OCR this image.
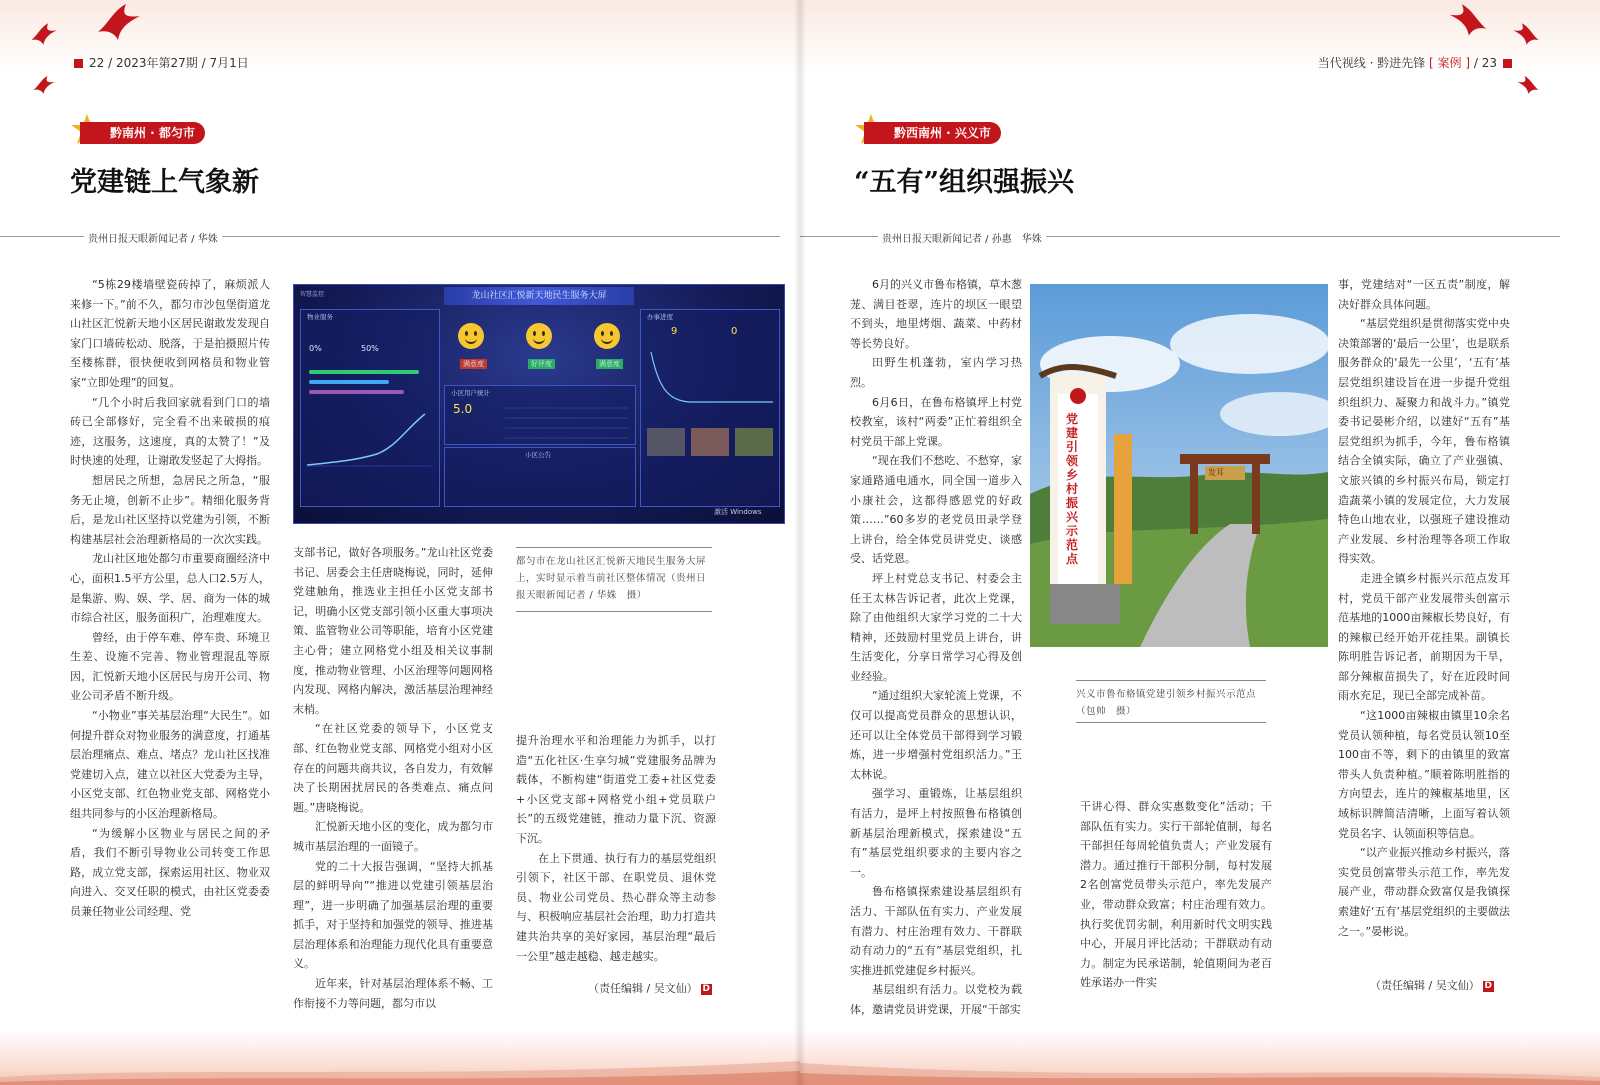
22 / 2023年第27期 / 7月1日
黔南州 · 都匀市
党建链上气象新
贵州日报天眼新闻记者 / 华姝

“5栋29楼墙壁瓷砖掉了，麻烦派人来修一下。”前不久，都匀市沙包堡街道龙山社区汇悦新天地小区居民谢敢发发现自家门口墙砖松动、脱落，于是拍摄照片传至楼栋群，很快便收到网格员和物业管家“立即处理”的回复。

“几个小时后我回家就看到门口的墙砖已全部修好，完全看不出来破损的痕迹，这服务，这速度，真的太赞了！”及时快速的处理，让谢敢发竖起了大拇指。

想居民之所想，急居民之所急，“服务无止境，创新不止步”。精细化服务背后，是龙山社区坚持以党建为引领，不断构建基层社会治理新格局的一次次实践。

龙山社区地处都匀市重要商圈经济中心，面积1.5平方公里，总人口2.5万人，是集游、购、娱、学、居、商为一体的城市综合社区，服务面积广，治理难度大。

曾经，由于停车难、停车贵、环境卫生差、设施不完善、物业管理混乱等原因，汇悦新天地小区居民与房开公司、物业公司矛盾不断升级。

“小物业”事关基层治理“大民生”。如何提升群众对物业服务的满意度，打通基层治理痛点、难点、堵点？龙山社区找准党建切入点，建立以社区大党委为主导，小区党支部、红色物业党支部、网格党小组共同参与的小区治理新格局。

“为缓解小区物业与居民之间的矛盾，我们不断引导物业公司转变工作思路，成立党支部，探索运用社区、物业双向进入、交叉任职的模式，由社区党委委员兼任物业公司经理、党

智慧监控	龙山社区汇悦新天地民生服务大屏
物业服务
0%	50%
满意度	好评度	满意度
小区用户统计
5.0
小区公告
办事进度
9	0
激活 Windows

支部书记，做好各项服务。”龙山社区党委书记、居委会主任唐晓梅说，同时，延伸党建触角，推选业主担任小区党支部书记，明确小区党支部引领小区重大事项决策、监管物业公司等职能，培育小区党建主心骨；建立网格党小组及相关议事制度，推动物业管理、小区治理等问题网格内发现、网格内解决，激活基层治理神经末梢。

“在社区党委的领导下，小区党支部、红色物业党支部、网格党小组对小区存在的问题共商共议，各自发力，有效解决了长期困扰居民的各类难点、痛点问题。”唐晓梅说。

汇悦新天地小区的变化，成为都匀市城市基层治理的一面镜子。

党的二十大报告强调，“坚持大抓基层的鲜明导向”“推进以党建引领基层治理”，进一步明确了加强基层治理的重要抓手，对于坚持和加强党的领导、推进基层治理体系和治理能力现代化具有重要意义。

近年来，针对基层治理体系不畅、工作衔接不力等问题，都匀市以

都匀市在龙山社区汇悦新天地民生服务大屏上，实时显示着当前社区整体情况（贵州日报天眼新闻记者 / 华姝　摄）

提升治理水平和治理能力为抓手，以打造“五化社区·生享匀城”党建服务品牌为载体，不断构建“街道党工委+社区党委+小区党支部+网格党小组+党员联户长”的五级党建链，推动力量下沉、资源下沉。

在上下贯通、执行有力的基层党组织引领下，社区干部、在职党员、退休党员、物业公司党员、热心群众等主动参与、积极响应基层社会治理，助力打造共建共治共享的美好家园，基层治理“最后一公里”越走越稳、越走越实。

（责任编辑 / 吴文仙） D
当代视线 · 黔进先锋 [ 案例 ] / 23
黔西南州 · 兴义市
“五有”组织强振兴
贵州日报天眼新闻记者 / 孙惠　华姝

6月的兴义市鲁布格镇，草木葱茏、满目苍翠，连片的坝区一眼望不到头，地里烤烟、蔬菜、中药材等长势良好。

田野生机蓬勃，室内学习热烈。

6月6日，在鲁布格镇坪上村党校教室，该村“两委”正忙着组织全村党员干部上党课。

“现在我们不愁吃、不愁穿，家家通路通电通水，同全国一道步入小康社会，这都得感恩党的好政策……”60多岁的老党员田录学登上讲台，给全体党员讲党史、谈感受、话党恩。

坪上村党总支书记、村委会主任王太林告诉记者，此次上党课，除了由他组织大家学习党的二十大精神，还鼓励村里党员上讲台，讲生活变化，分享日常学习心得及创业经验。

“通过组织大家轮流上党课，不仅可以提高党员群众的思想认识，还可以让全体党员干部得到学习锻炼，进一步增强村党组织活力。”王太林说。

强学习、重锻炼，让基层组织有活力，是坪上村按照鲁布格镇创新基层治理新模式，探索建设“五有”基层党组织要求的主要内容之一。

鲁布格镇探索建设基层组织有活力、干部队伍有实力、产业发展有潜力、村庄治理有效力、干群联动有动力的“五有”基层党组织，扎实推进抓党建促乡村振兴。

基层组织有活力。以党校为载体，邀请党员讲党课，开展“干部实

党建引领乡村振兴示范点
发耳
兴义市鲁布格镇党建引领乡村振兴示范点（包帅　摄）

干讲心得、群众实惠数变化”活动；干部队伍有实力。实行干部轮值制，每名干部担任每周轮值负责人；产业发展有潜力。通过推行干部积分制，每村发展2名创富党员带头示范户，率先发展产业，带动群众致富；村庄治理有效力。执行奖优罚劣制，利用新时代文明实践中心，开展月评比活动；干群联动有动力。制定为民承诺制，轮值期间为老百姓承诺办一件实

事，党建结对“一区五责”制度，解决好群众具体问题。

“基层党组织是贯彻落实党中央决策部署的‘最后一公里’，也是联系服务群众的‘最先一公里’，‘五有’基层党组织建设旨在进一步提升党组织组织力、凝聚力和战斗力。”镇党委书记晏彬介绍，以建好“五有”基层党组织为抓手，今年，鲁布格镇结合全镇实际，确立了产业强镇、文旅兴镇的乡村振兴布局，锁定打造蔬菜小镇的发展定位，大力发展特色山地农业，以强班子建设推动产业发展、乡村治理等各项工作取得实效。

走进全镇乡村振兴示范点发耳村，党员干部产业发展带头创富示范基地的1000亩辣椒长势良好，有的辣椒已经开始开花挂果。副镇长陈明胜告诉记者，前期因为干旱，部分辣椒苗损失了，好在近段时间雨水充足，现已全部完成补苗。

“这1000亩辣椒由镇里10余名党员认领种植，每名党员认领10至100亩不等，剩下的由镇里的致富带头人负责种植。”顺着陈明胜指的方向望去，连片的辣椒基地里，区域标识牌简洁清晰，上面写着认领党员名字、认领面积等信息。

“以产业振兴推动乡村振兴，落实党员创富带头示范工作，率先发展产业，带动群众致富仅是我镇探索建好‘五有’基层党组织的主要做法之一。”晏彬说。

（责任编辑 / 吴文仙） D
